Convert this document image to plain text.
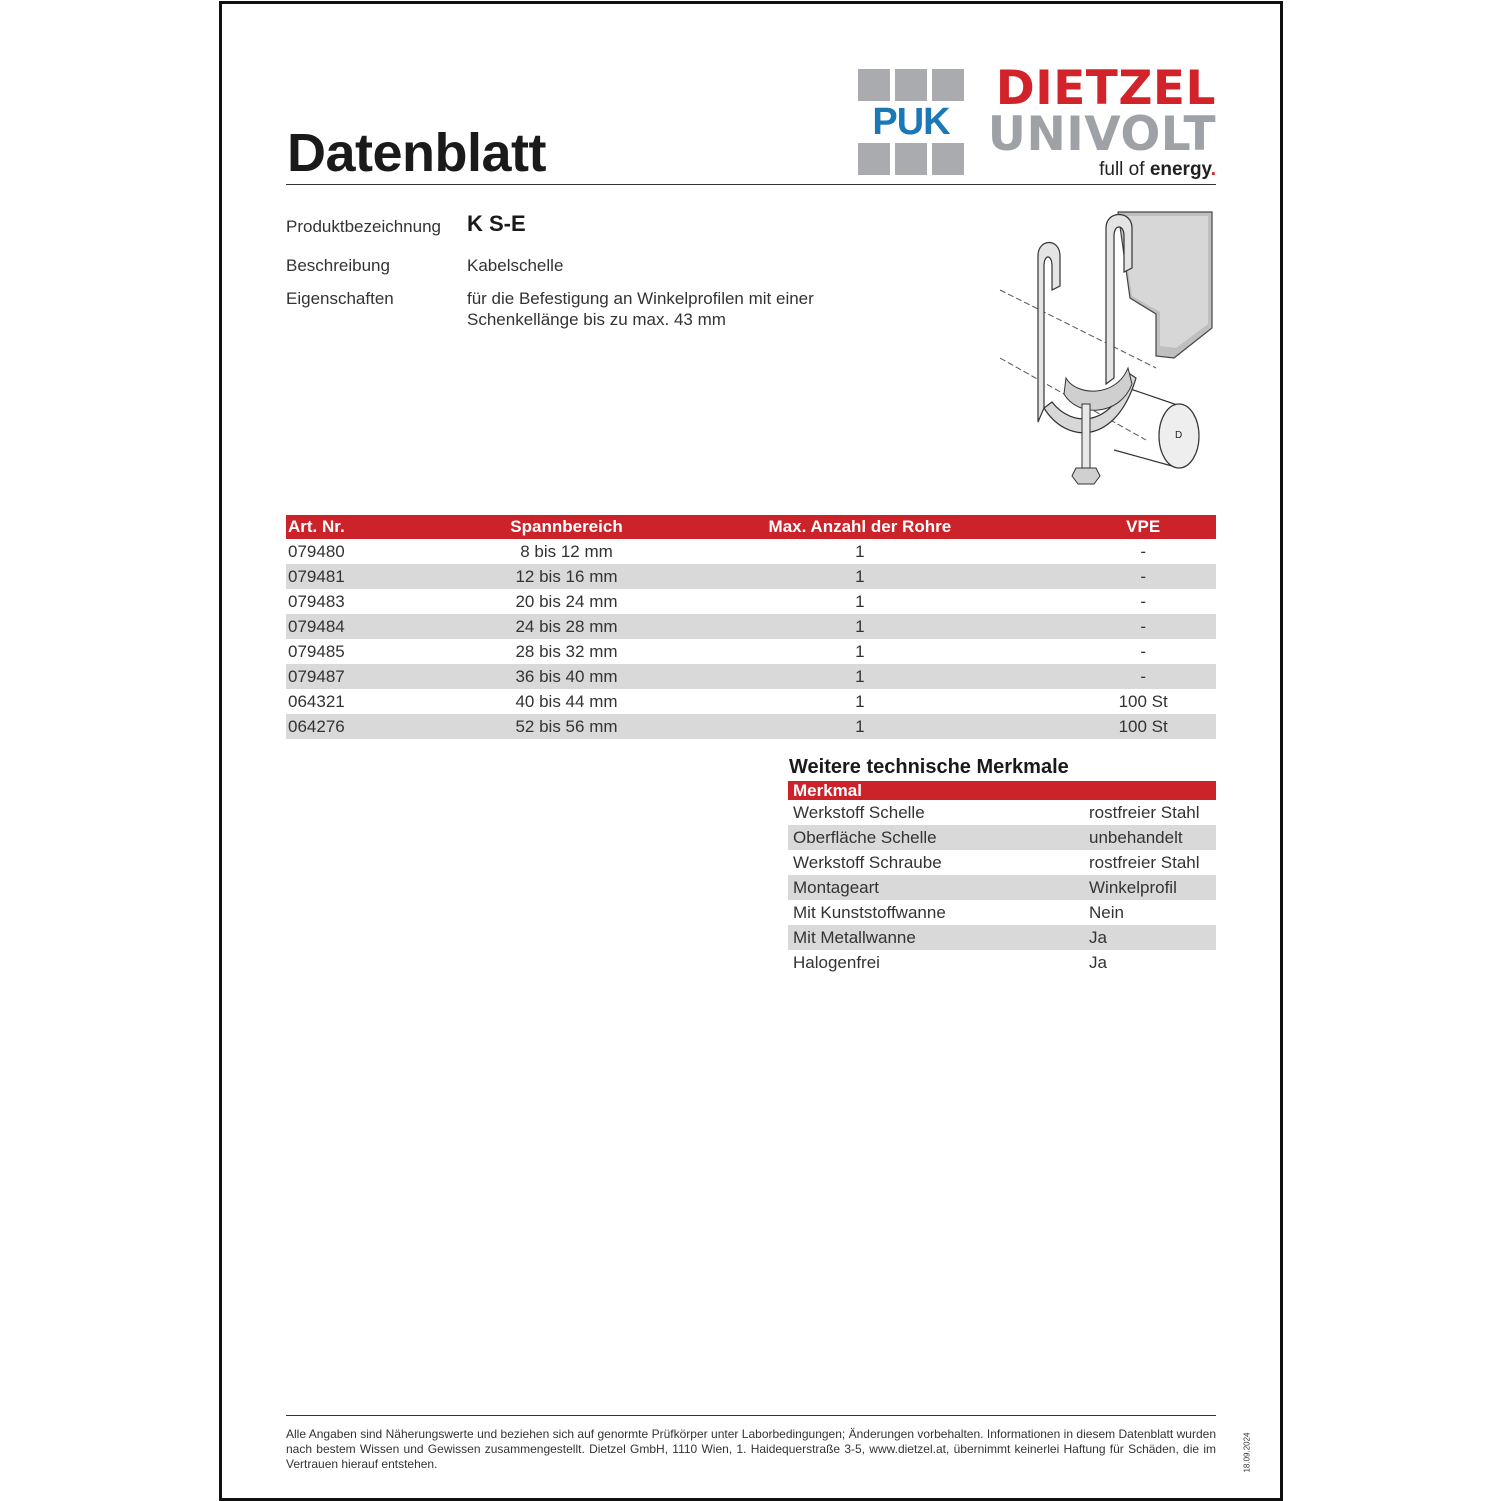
Datenblatt
PUK
DIETZEL
UNIVOLT
full of energy.
Produktbezeichnung K S-E
Beschreibung	Kabelschelle
Eigenschaften	für die Befestigung an Winkelprofilen mit einer
Schenkellänge bis zu max. 43 mm
D
Art. Nr.	Spannbereich	Max. Anzahl der Rohre	VPE
079480	8 bis 12 mm	1	-
079481	12 bis 16 mm	1	-
079483	20 bis 24 mm	1	-
079484	24 bis 28 mm	1	-
079485	28 bis 32 mm	1	-
079487	36 bis 40 mm	1	-
064321	40 bis 44 mm	1	100 St
064276	52 bis 56 mm	1	100 St
Weitere technische Merkmale
Merkmal	
Werkstoff Schelle	rostfreier Stahl
Oberfläche Schelle	unbehandelt
Werkstoff Schraube	rostfreier Stahl
Montageart	Winkelprofil
Mit Kunststoffwanne	Nein
Mit Metallwanne	Ja
Halogenfrei	Ja

Alle Angaben sind Näherungswerte und beziehen sich auf genormte Prüfkörper unter Laborbedingungen; Änderungen vorbehalten. Informationen in diesem Datenblatt wurden nach bestem Wissen und Gewissen zusammengestellt. Dietzel GmbH, 1110 Wien, 1. Haidequerstraße 3-5, www.dietzel.at, übernimmt keinerlei Haftung für Schäden, die im Vertrauen hierauf entstehen.	18.09.2024
